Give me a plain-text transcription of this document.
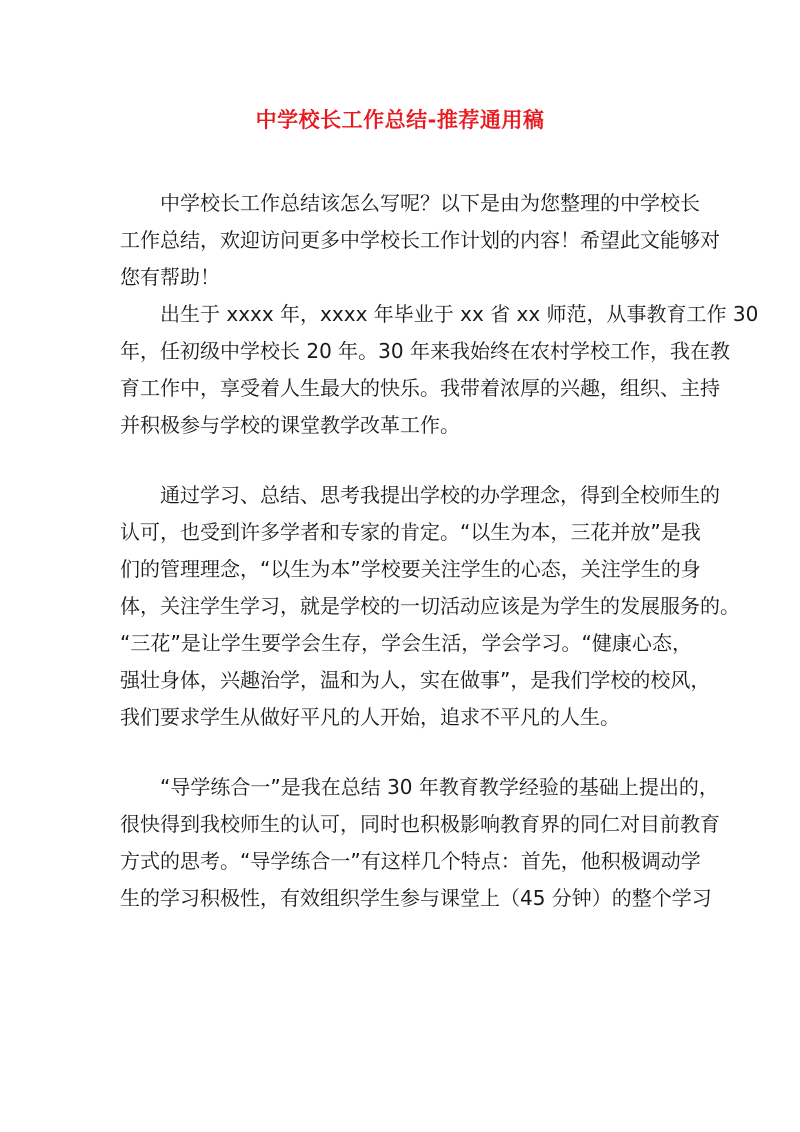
中学校长工作总结-推荐通用稿
中学校长工作总结该怎么写呢？以下是由为您整理的中学校长
工作总结，欢迎访问更多中学校长工作计划的内容！希望此文能够对
您有帮助！
出生于 xxxx 年，xxxx 年毕业于 xx 省 xx 师范，从事教育工作 30
年，任初级中学校长 20 年。30 年来我始终在农村学校工作，我在教
育工作中，享受着人生最大的快乐。我带着浓厚的兴趣，组织、主持
并积极参与学校的课堂教学改革工作。
通过学习、总结、思考我提出学校的办学理念，得到全校师生的
认可，也受到许多学者和专家的肯定。“以生为本，三花并放”是我
们的管理理念，“以生为本”学校要关注学生的心态，关注学生的身
体，关注学生学习，就是学校的一切活动应该是为学生的发展服务的。
“三花”是让学生要学会生存，学会生活，学会学习。“健康心态，
强壮身体，兴趣治学，温和为人，实在做事”，是我们学校的校风，
我们要求学生从做好平凡的人开始，追求不平凡的人生。
“导学练合一”是我在总结 30 年教育教学经验的基础上提出的，
很快得到我校师生的认可，同时也积极影响教育界的同仁对目前教育
方式的思考。“导学练合一”有这样几个特点：首先，他积极调动学
生的学习积极性，有效组织学生参与课堂上（45 分钟）的整个学习
